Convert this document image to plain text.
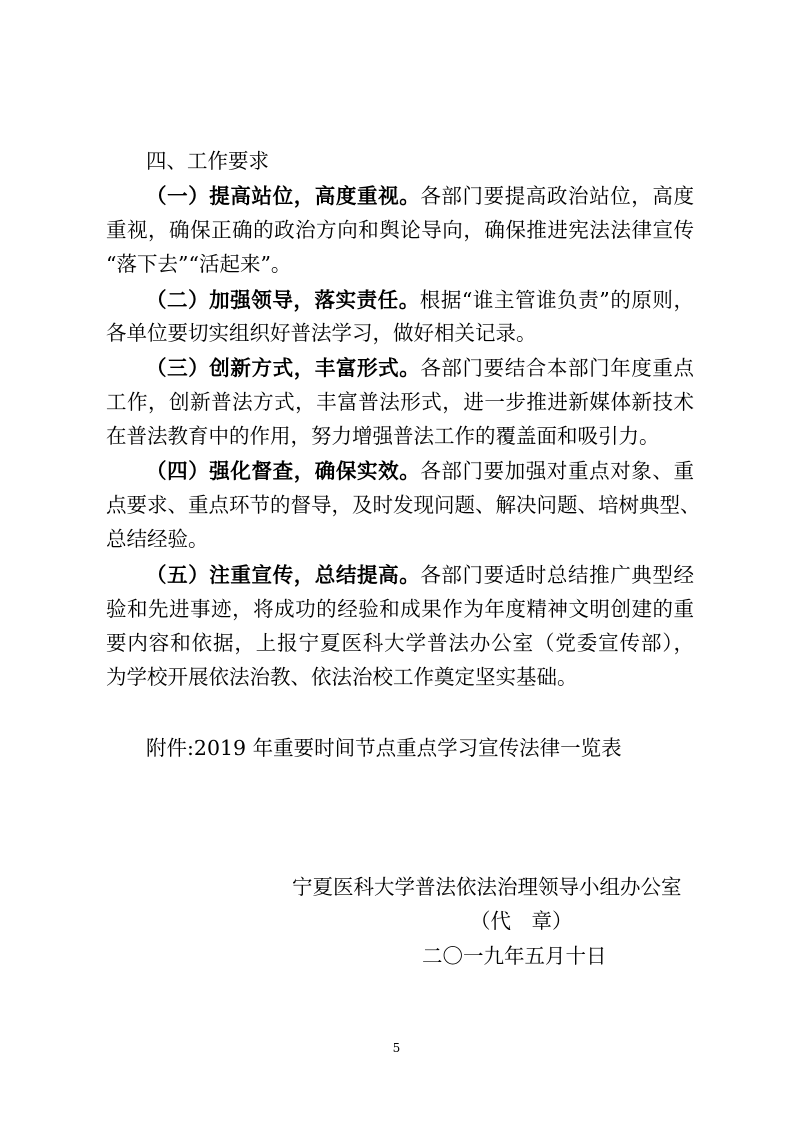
四、工作要求
（一）提高站位，高度重视。各部门要提高政治站位，高度
重视，确保正确的政治方向和舆论导向，确保推进宪法法律宣传
“落下去”“活起来”。
（二）加强领导，落实责任。根据“谁主管谁负责”的原则，
各单位要切实组织好普法学习，做好相关记录。
（三）创新方式，丰富形式。各部门要结合本部门年度重点
工作，创新普法方式，丰富普法形式，进一步推进新媒体新技术
在普法教育中的作用，努力增强普法工作的覆盖面和吸引力。
（四）强化督查，确保实效。各部门要加强对重点对象、重
点要求、重点环节的督导，及时发现问题、解决问题、培树典型、
总结经验。
（五）注重宣传，总结提高。各部门要适时总结推广典型经
验和先进事迹，将成功的经验和成果作为年度精神文明创建的重
要内容和依据，上报宁夏医科大学普法办公室（党委宣传部），
为学校开展依法治教、依法治校工作奠定坚实基础。
附件:2019 年重要时间节点重点学习宣传法律一览表
宁夏医科大学普法依法治理领导小组办公室
（代　章）
二〇一九年五月十日
5
